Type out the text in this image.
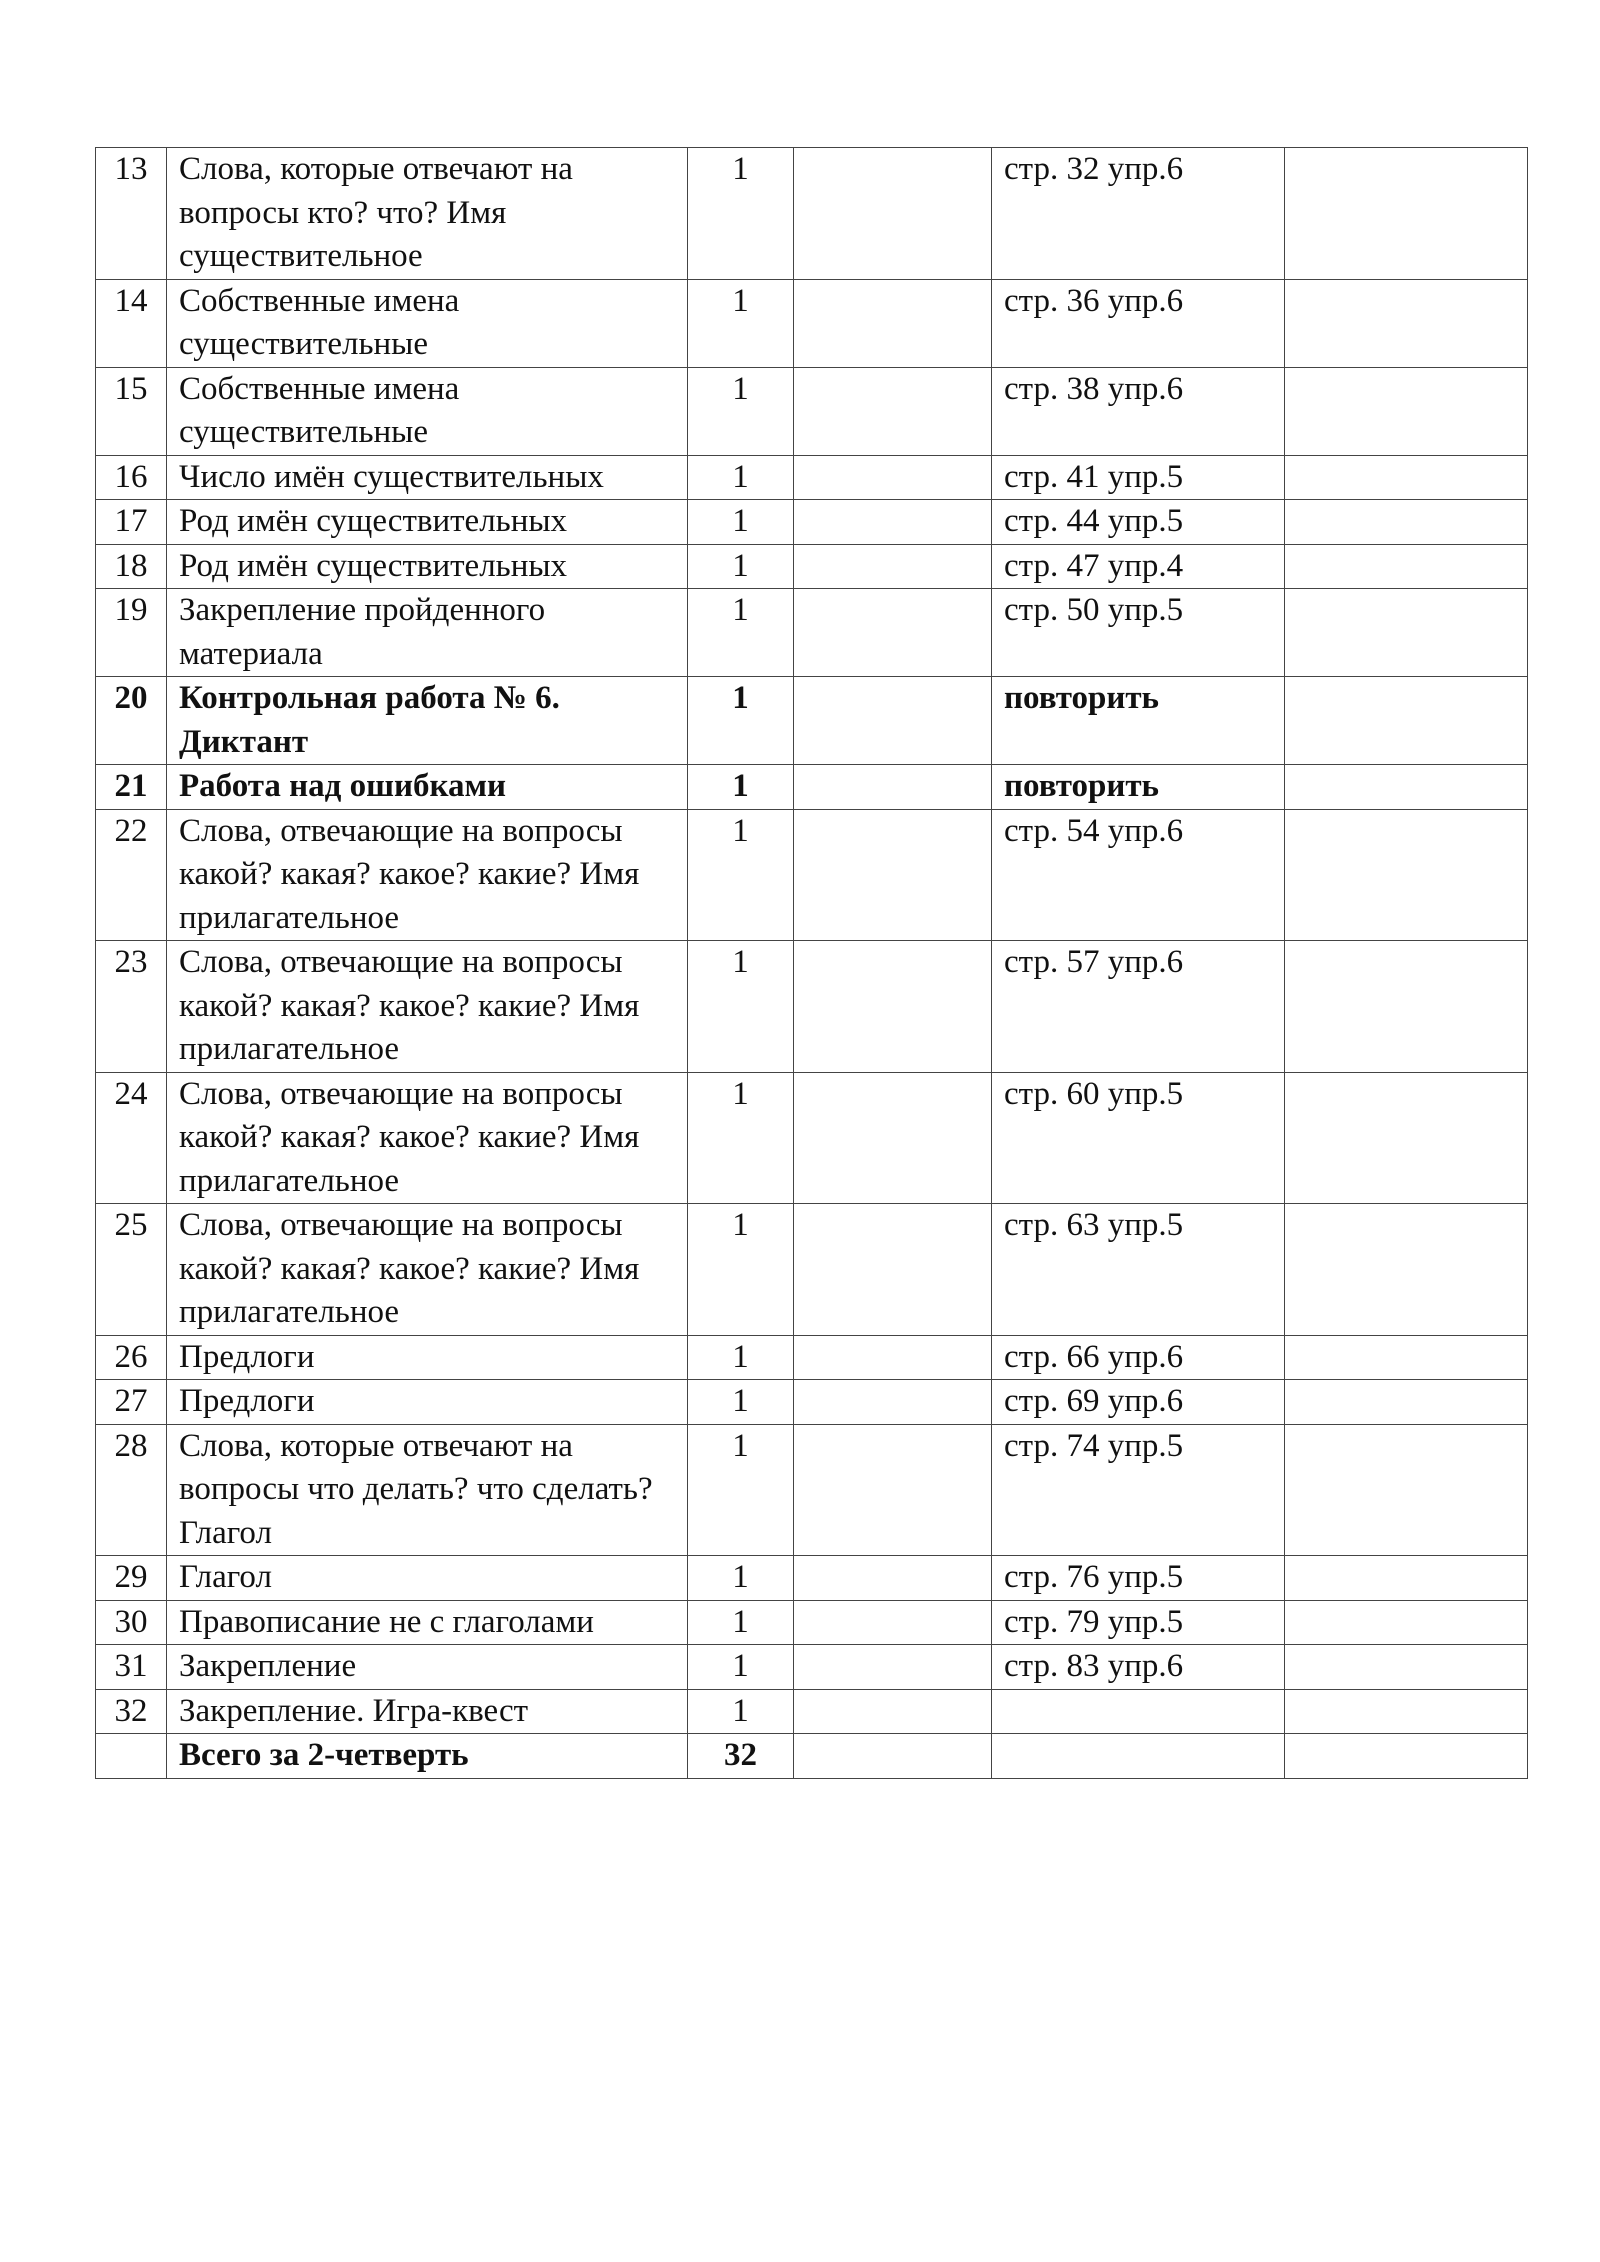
13	Слова, которые отвечают на вопросы кто? что? Имя существительное	1		стр. 32 упр.6	
14	Собственные имена существительные	1		стр. 36 упр.6	
15	Собственные имена существительные	1		стр. 38 упр.6	
16	Число имён существительных	1		стр. 41 упр.5	
17	Род имён существительных	1		стр. 44 упр.5	
18	Род имён существительных	1		стр. 47 упр.4	
19	Закрепление пройденного материала	1		стр. 50 упр.5	
20	Контрольная работа № 6. Диктант	1		повторить	
21	Работа над ошибками	1		повторить	
22	Слова, отвечающие на вопросы какой? какая? какое? какие? Имя прилагательное	1		стр. 54 упр.6	
23	Слова, отвечающие на вопросы какой? какая? какое? какие? Имя прилагательное	1		стр. 57 упр.6	
24	Слова, отвечающие на вопросы какой? какая? какое? какие? Имя прилагательное	1		стр. 60 упр.5	
25	Слова, отвечающие на вопросы какой? какая? какое? какие? Имя прилагательное	1		стр. 63 упр.5	
26	Предлоги	1		стр. 66 упр.6	
27	Предлоги	1		стр. 69 упр.6	
28	Слова, которые отвечают на вопросы что делать? что сделать? Глагол	1		стр. 74 упр.5	
29	Глагол	1		стр. 76 упр.5	
30	Правописание не с глаголами	1		стр. 79 упр.5	
31	Закрепление	1		стр. 83 упр.6	
32	Закрепление. Игра-квест	1			
	Всего за 2-четверть	32			
